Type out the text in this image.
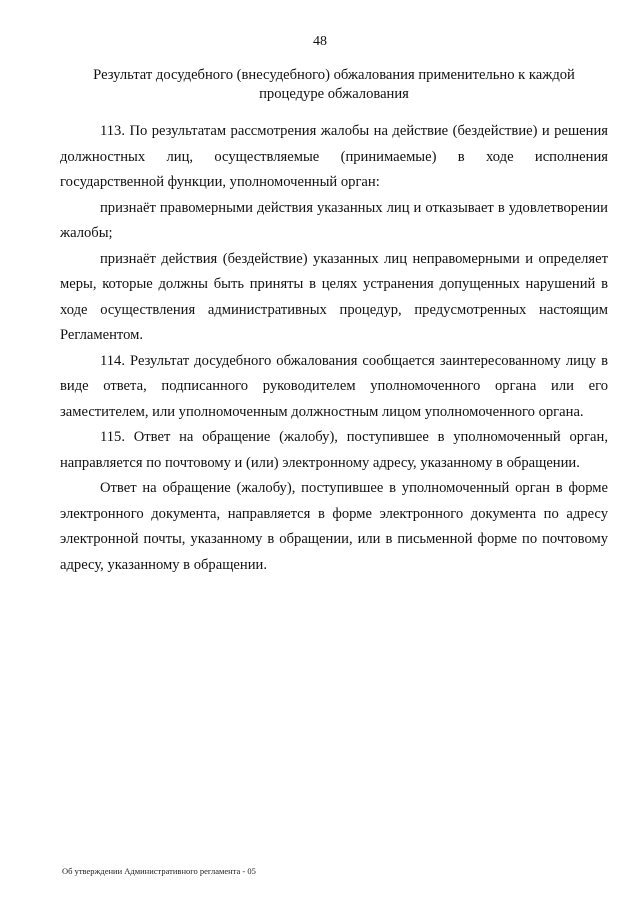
48
Результат досудебного (внесудебного) обжалования применительно к каждой
процедуре обжалования

113. По результатам рассмотрения жалобы на действие (бездействие) и решения должностных лиц, осуществляемые (принимаемые) в ходе исполнения государственной функции, уполномоченный орган:

признаёт правомерными действия указанных лиц и отказывает в удовлетворении жалобы;

признаёт действия (бездействие) указанных лиц неправомерными и определяет меры, которые должны быть приняты в целях устранения допущенных нарушений в ходе осуществления административных процедур, предусмотренных настоящим Регламентом.

114. Результат досудебного обжалования сообщается заинтересованному лицу в виде ответа, подписанного руководителем уполномоченного органа или его заместителем, или уполномоченным должностным лицом уполномоченного органа.

115. Ответ на обращение (жалобу), поступившее в уполномоченный орган, направляется по почтовому и (или) электронному адресу, указанному в обращении.

Ответ на обращение (жалобу), поступившее в уполномоченный орган в форме электронного документа, направляется в форме электронного документа по адресу электронной почты, указанному в обращении, или в письменной форме по почтовому адресу, указанному в обращении.

Об утверждении Административного регламента - 05
